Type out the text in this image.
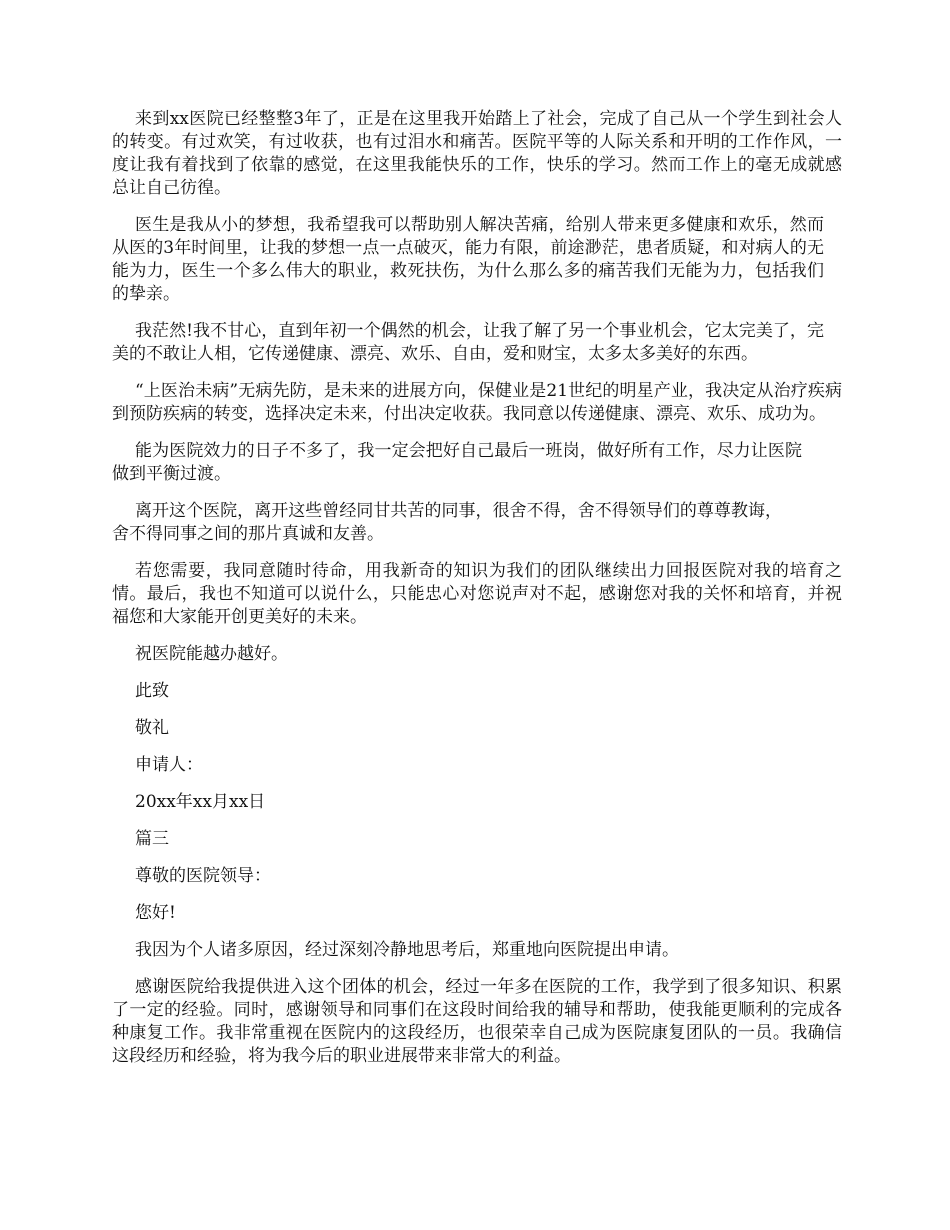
来到xx医院已经整整3年了，正是在这里我开始踏上了社会，完成了自己从一个学生到社会人的转变。有过欢笑，有过收获，也有过泪水和痛苦。医院平等的人际关系和开明的工作作风，一度让我有着找到了依靠的感觉，在这里我能快乐的工作，快乐的学习。然而工作上的毫无成就感总让自己彷徨。

医生是我从小的梦想，我希望我可以帮助别人解决苦痛，给别人带来更多健康和欢乐，然而从医的3年时间里，让我的梦想一点一点破灭，能力有限，前途渺茫，患者质疑，和对病人的无能为力，医生一个多么伟大的职业，救死扶伤，为什么那么多的痛苦我们无能为力，包括我们的挚亲。

我茫然!我不甘心，直到年初一个偶然的机会，让我了解了另一个事业机会，它太完美了，完美的不敢让人相，它传递健康、漂亮、欢乐、自由，爱和财宝，太多太多美好的东西。

“上医治未病”无病先防，是未来的进展方向，保健业是21世纪的明星产业，我决定从治疗疾病到预防疾病的转变，选择决定未来，付出决定收获。我同意以传递健康、漂亮、欢乐、成功为。

能为医院效力的日子不多了，我一定会把好自己最后一班岗，做好所有工作，尽力让医院做到平衡过渡。

离开这个医院，离开这些曾经同甘共苦的同事，很舍不得，舍不得领导们的尊尊教诲，舍不得同事之间的那片真诚和友善。

若您需要，我同意随时待命，用我新奇的知识为我们的团队继续出力回报医院对我的培育之情。最后，我也不知道可以说什么，只能忠心对您说声对不起，感谢您对我的关怀和培育，并祝福您和大家能开创更美好的未来。

祝医院能越办越好。

此致

敬礼

申请人：

20xx年xx月xx日

篇三

尊敬的医院领导：

您好!

我因为个人诸多原因，经过深刻冷静地思考后，郑重地向医院提出申请。

感谢医院给我提供进入这个团体的机会，经过一年多在医院的工作，我学到了很多知识、积累了一定的经验。同时，感谢领导和同事们在这段时间给我的辅导和帮助，使我能更顺利的完成各种康复工作。我非常重视在医院内的这段经历，也很荣幸自己成为医院康复团队的一员。我确信这段经历和经验，将为我今后的职业进展带来非常大的利益。
